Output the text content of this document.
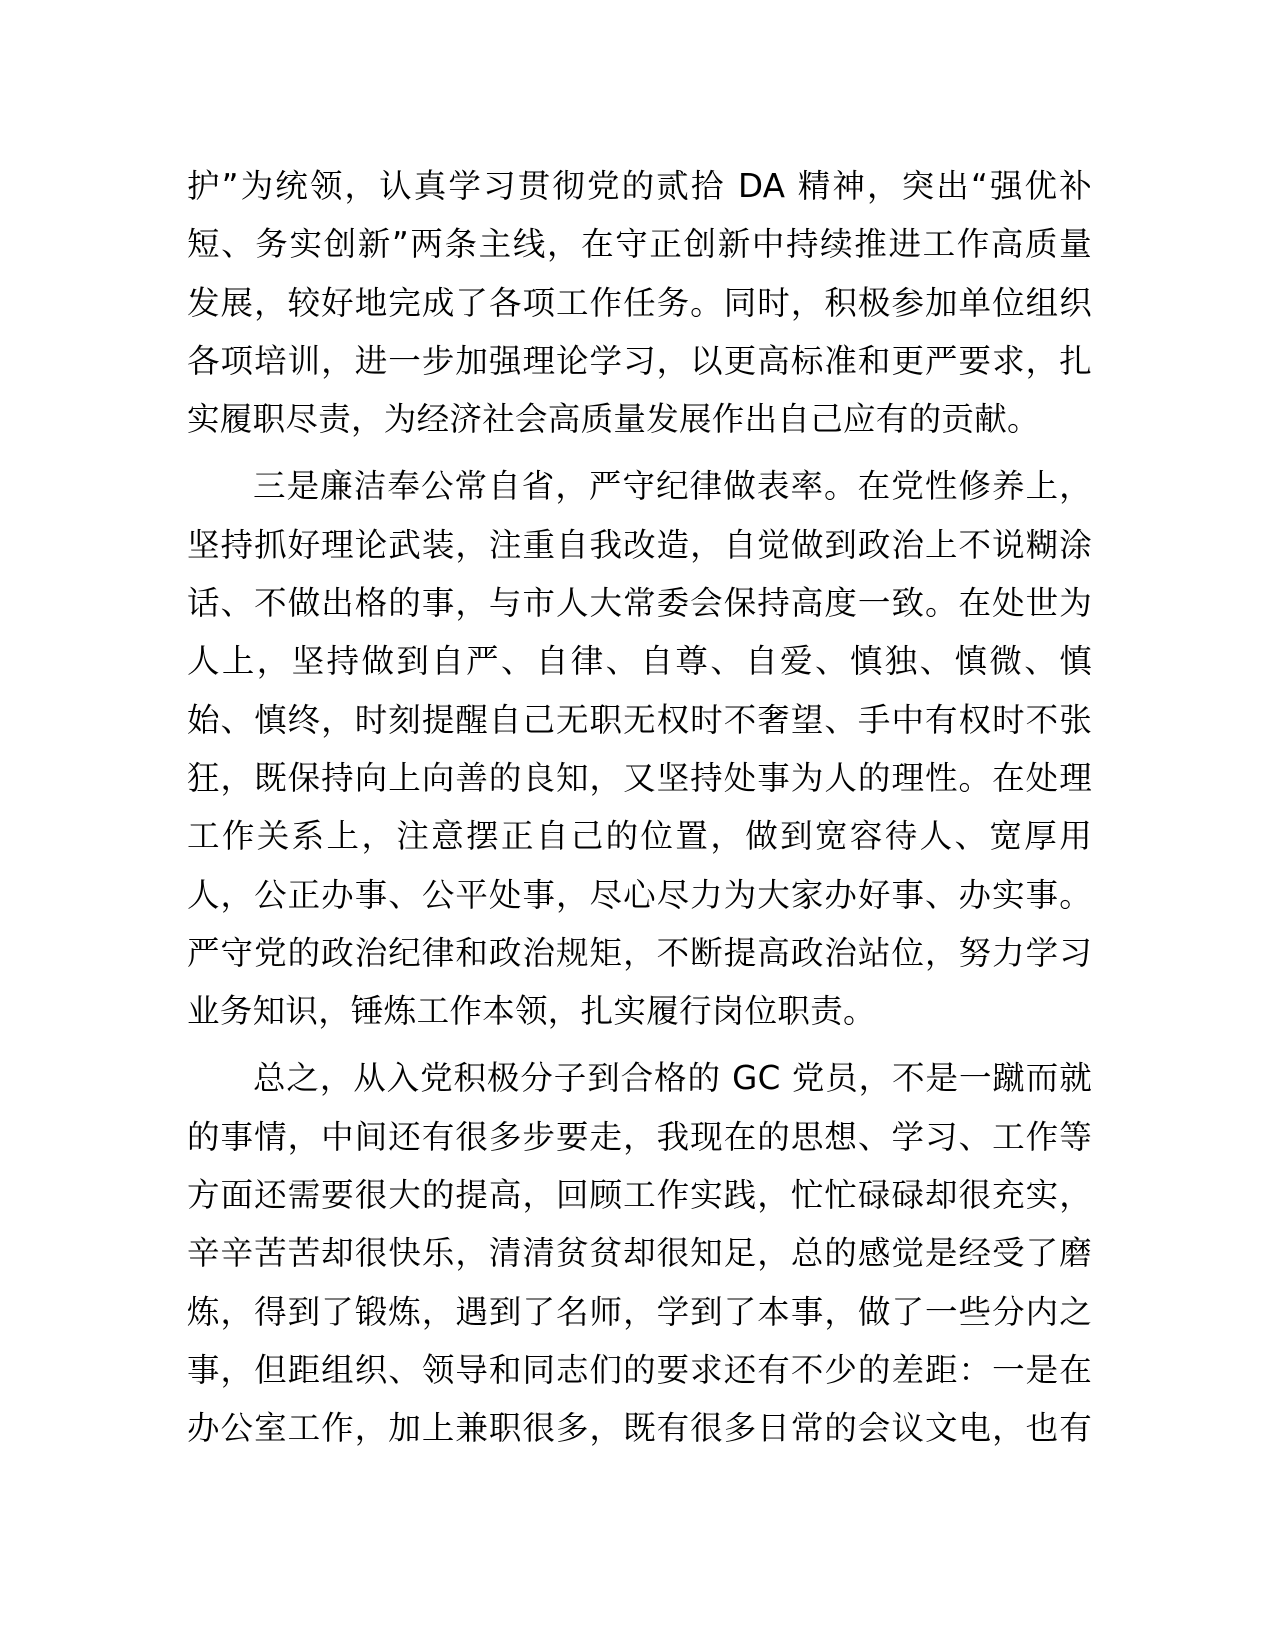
护”为统领，认真学习贯彻党的贰拾 DA 精神，突出“强优补
短、务实创新”两条主线，在守正创新中持续推进工作高质量
发展，较好地完成了各项工作任务。同时，积极参加单位组织
各项培训，进一步加强理论学习，以更高标准和更严要求，扎
实履职尽责，为经济社会高质量发展作出自己应有的贡献。

三是廉洁奉公常自省，严守纪律做表率。在党性修养上，
坚持抓好理论武装，注重自我改造，自觉做到政治上不说糊涂
话、不做出格的事，与市人大常委会保持高度一致。在处世为
人上，坚持做到自严、自律、自尊、自爱、慎独、慎微、慎
始、慎终，时刻提醒自己无职无权时不奢望、手中有权时不张
狂，既保持向上向善的良知，又坚持处事为人的理性。在处理
工作关系上，注意摆正自己的位置，做到宽容待人、宽厚用
人，公正办事、公平处事，尽心尽力为大家办好事、办实事。
严守党的政治纪律和政治规矩，不断提高政治站位，努力学习
业务知识，锤炼工作本领，扎实履行岗位职责。

总之，从入党积极分子到合格的 GC 党员，不是一蹴而就
的事情，中间还有很多步要走，我现在的思想、学习、工作等
方面还需要很大的提高，回顾工作实践，忙忙碌碌却很充实，
辛辛苦苦却很快乐，清清贫贫却很知足，总的感觉是经受了磨
炼，得到了锻炼，遇到了名师，学到了本事，做了一些分内之
事，但距组织、领导和同志们的要求还有不少的差距：一是在
办公室工作，加上兼职很多，既有很多日常的会议文电，也有
